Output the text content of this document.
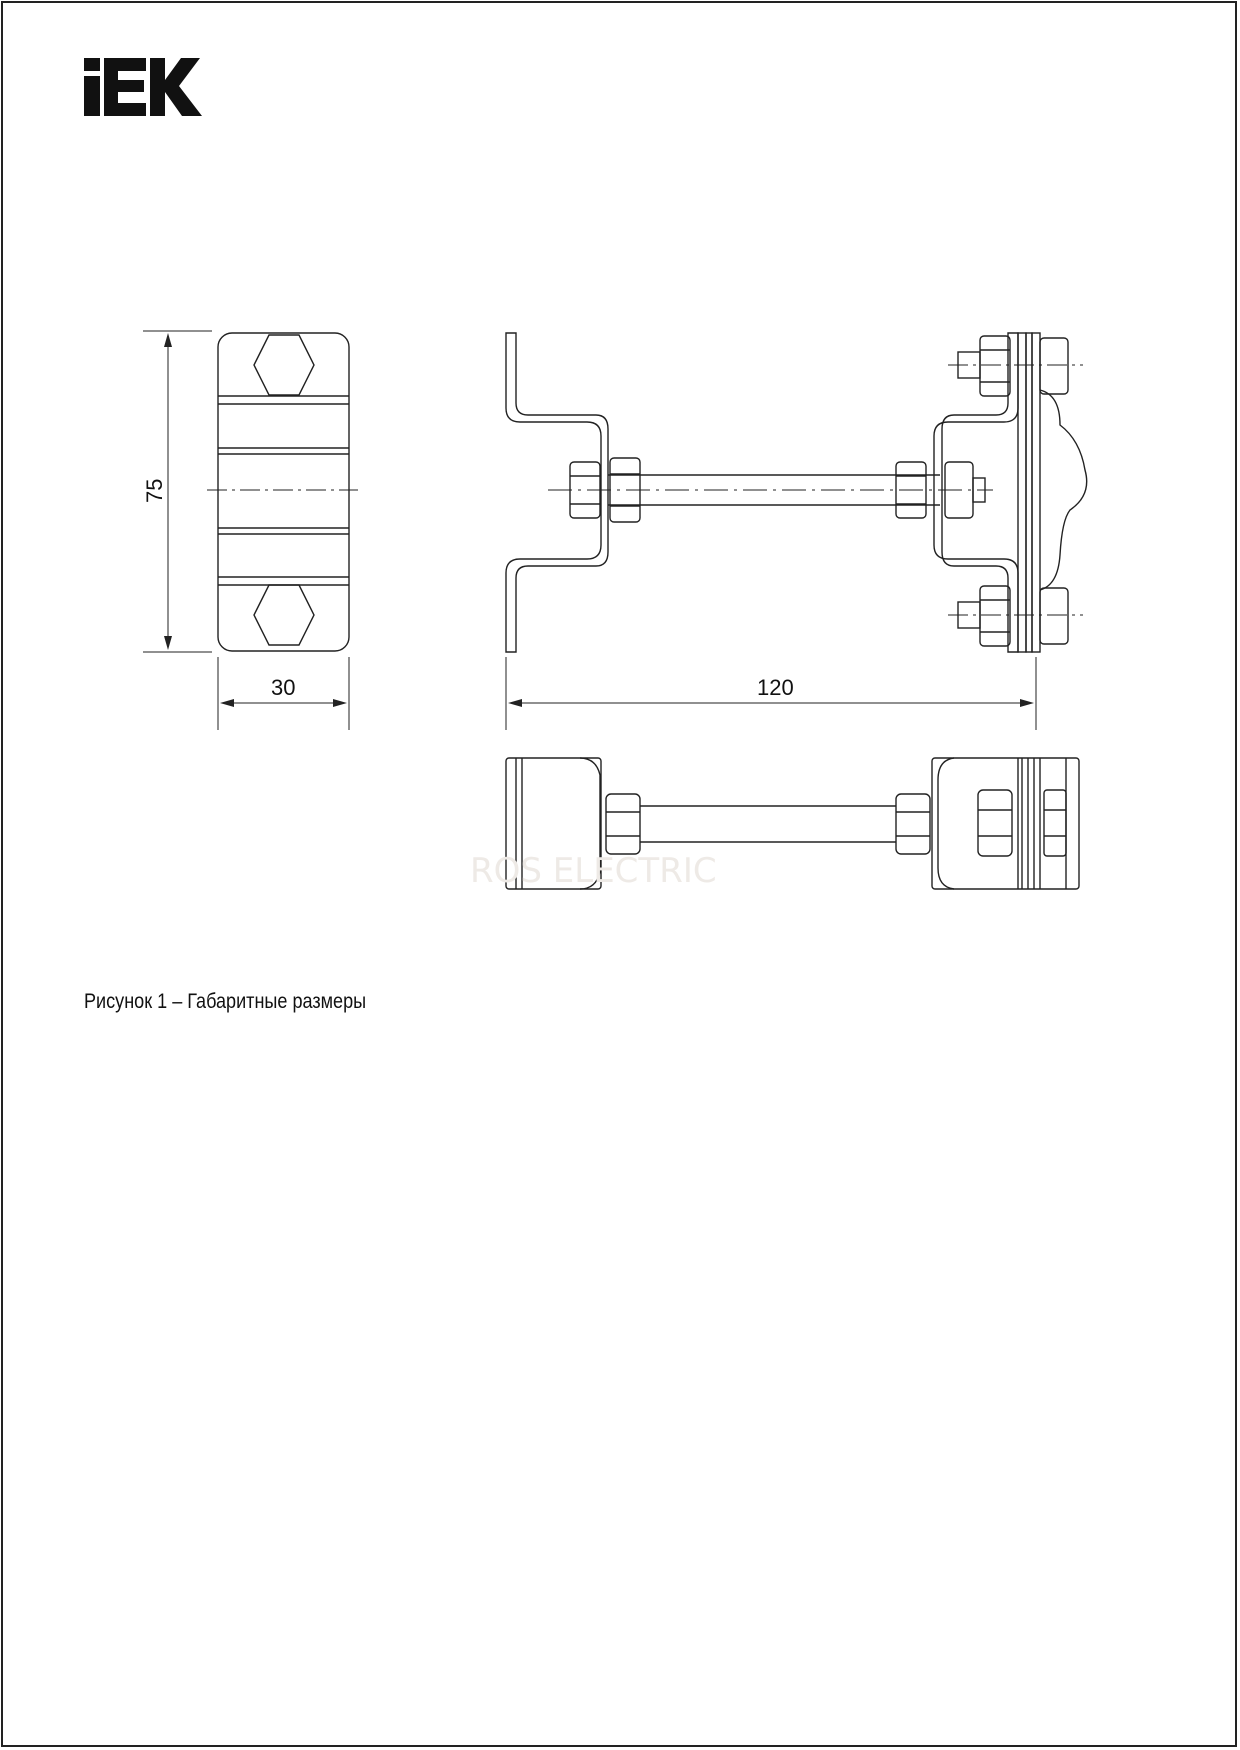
ROS ELECTRIC
75
30	120
Рисунок 1 – Габаритные размеры
